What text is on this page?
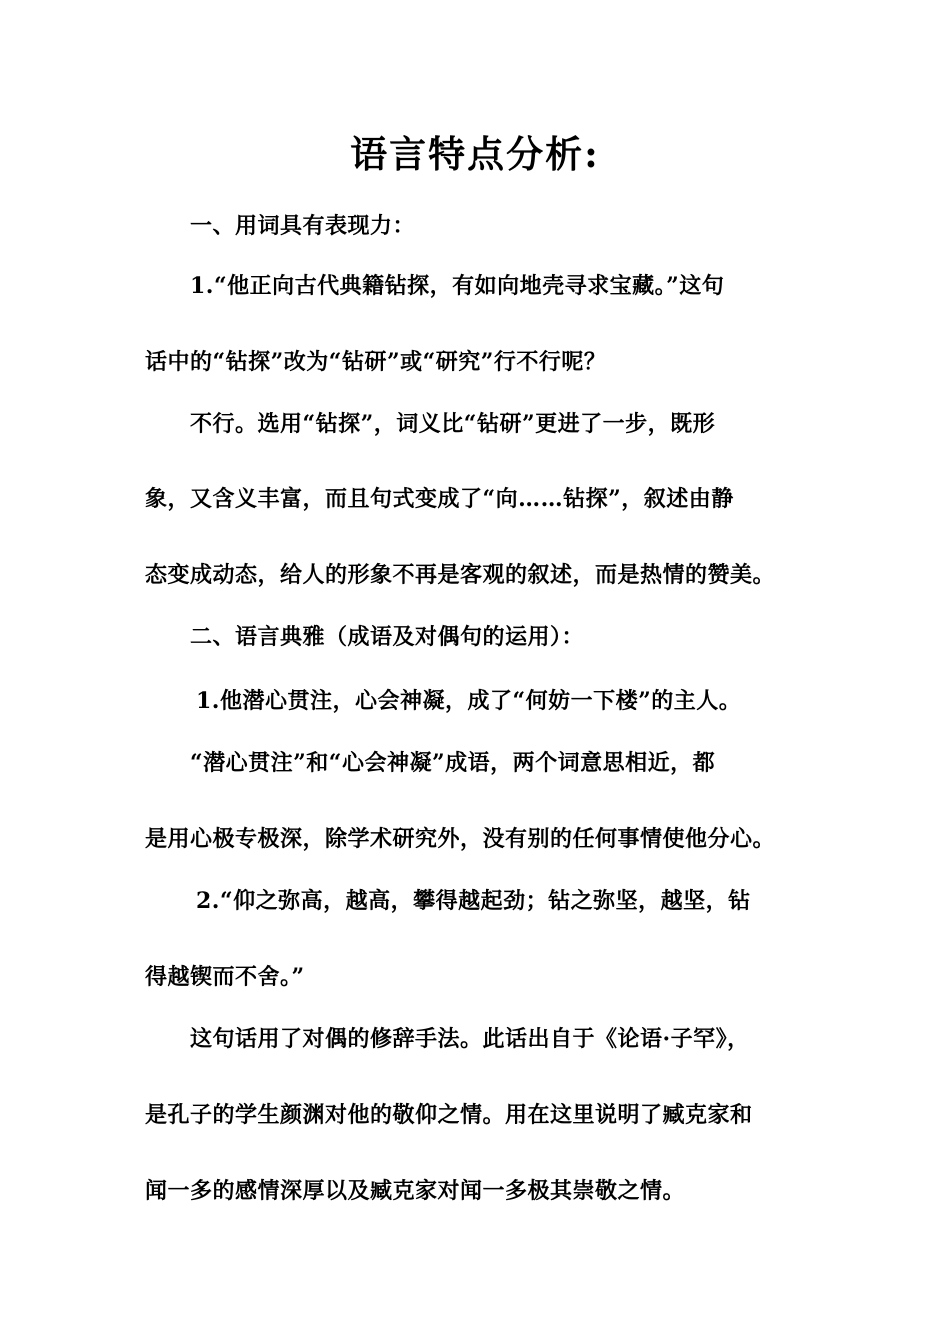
语言特点分析:
一、用词具有表现力：
1.“他正向古代典籍钻探，有如向地壳寻求宝藏。”这句
话中的“钻探”改为“钻研”或“研究”行不行呢？
不行。选用“钻探”，词义比“钻研”更进了一步，既形
象，又含义丰富，而且句式变成了“向……钻探”，叙述由静
态变成动态，给人的形象不再是客观的叙述，而是热情的赞美。
二、语言典雅（成语及对偶句的运用）：
1.他潜心贯注，心会神凝，成了“何妨一下楼”的主人。
“潜心贯注”和“心会神凝”成语，两个词意思相近，都
是用心极专极深，除学术研究外，没有别的任何事情使他分心。
2.“仰之弥高，越高，攀得越起劲；钻之弥坚，越坚，钻
得越锲而不舍。”
这句话用了对偶的修辞手法。此话出自于《论语·子罕》，
是孔子的学生颜渊对他的敬仰之情。用在这里说明了臧克家和
闻一多的感情深厚以及臧克家对闻一多极其崇敬之情。
